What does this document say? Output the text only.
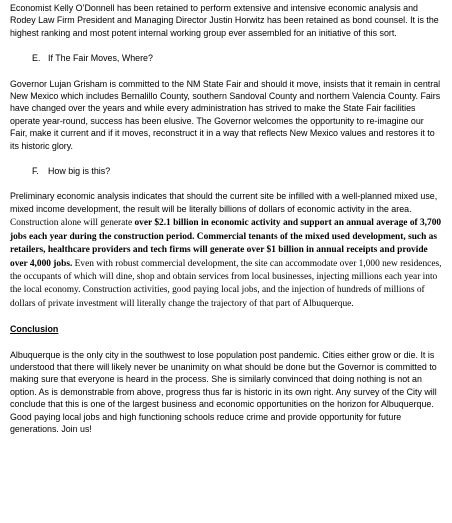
Economist Kelly O’Donnell has been retained to perform extensive and intensive economic analysis and Rodey Law Firm President and Managing Director Justin Horwitz has been retained as bond counsel. It is the highest ranking and most potent internal working group ever assembled for an initiative of this sort.

E. If The Fair Moves, Where?

Governor Lujan Grisham is committed to the NM State Fair and should it move, insists that it remain in central New Mexico which includes Bernalillo County, southern Sandoval County and northern Valencia County. Fairs have changed over the years and while every administration has strived to make the State Fair facilities operate year-round, success has been elusive. The Governor welcomes the opportunity to re-imagine our Fair, make it current and if it moves, reconstruct it in a way that reflects New Mexico values and restores it to its historic glory.

F. How big is this?

Preliminary economic analysis indicates that should the current site be infilled with a well-planned mixed use, mixed income development, the result will be literally billions of dollars of economic activity in the area. Construction alone will generate over $2.1 billion in economic activity and support an annual average of 3,700 jobs each year during the construction period. Commercial tenants of the mixed used development, such as retailers, healthcare providers and tech firms will generate over $1 billion in annual receipts and provide over 4,000 jobs. Even with robust commercial development, the site can accommodate over 1,000 new residences, the occupants of which will dine, shop and obtain services from local businesses, injecting millions each year into the local economy. Construction activities, good paying local jobs, and the injection of hundreds of millions of dollars of private investment will literally change the trajectory of that part of Albuquerque.

Conclusion

Albuquerque is the only city in the southwest to lose population post pandemic. Cities either grow or die. It is understood that there will likely never be unanimity on what should be done but the Governor is committed to making sure that everyone is heard in the process. She is similarly convinced that doing nothing is not an option. As is demonstrable from above, progress thus far is historic in its own right. Any survey of the City will conclude that this is one of the largest business and economic opportunities on the horizon for Albuquerque. Good paying local jobs and high functioning schools reduce crime and provide opportunity for future generations. Join us!
